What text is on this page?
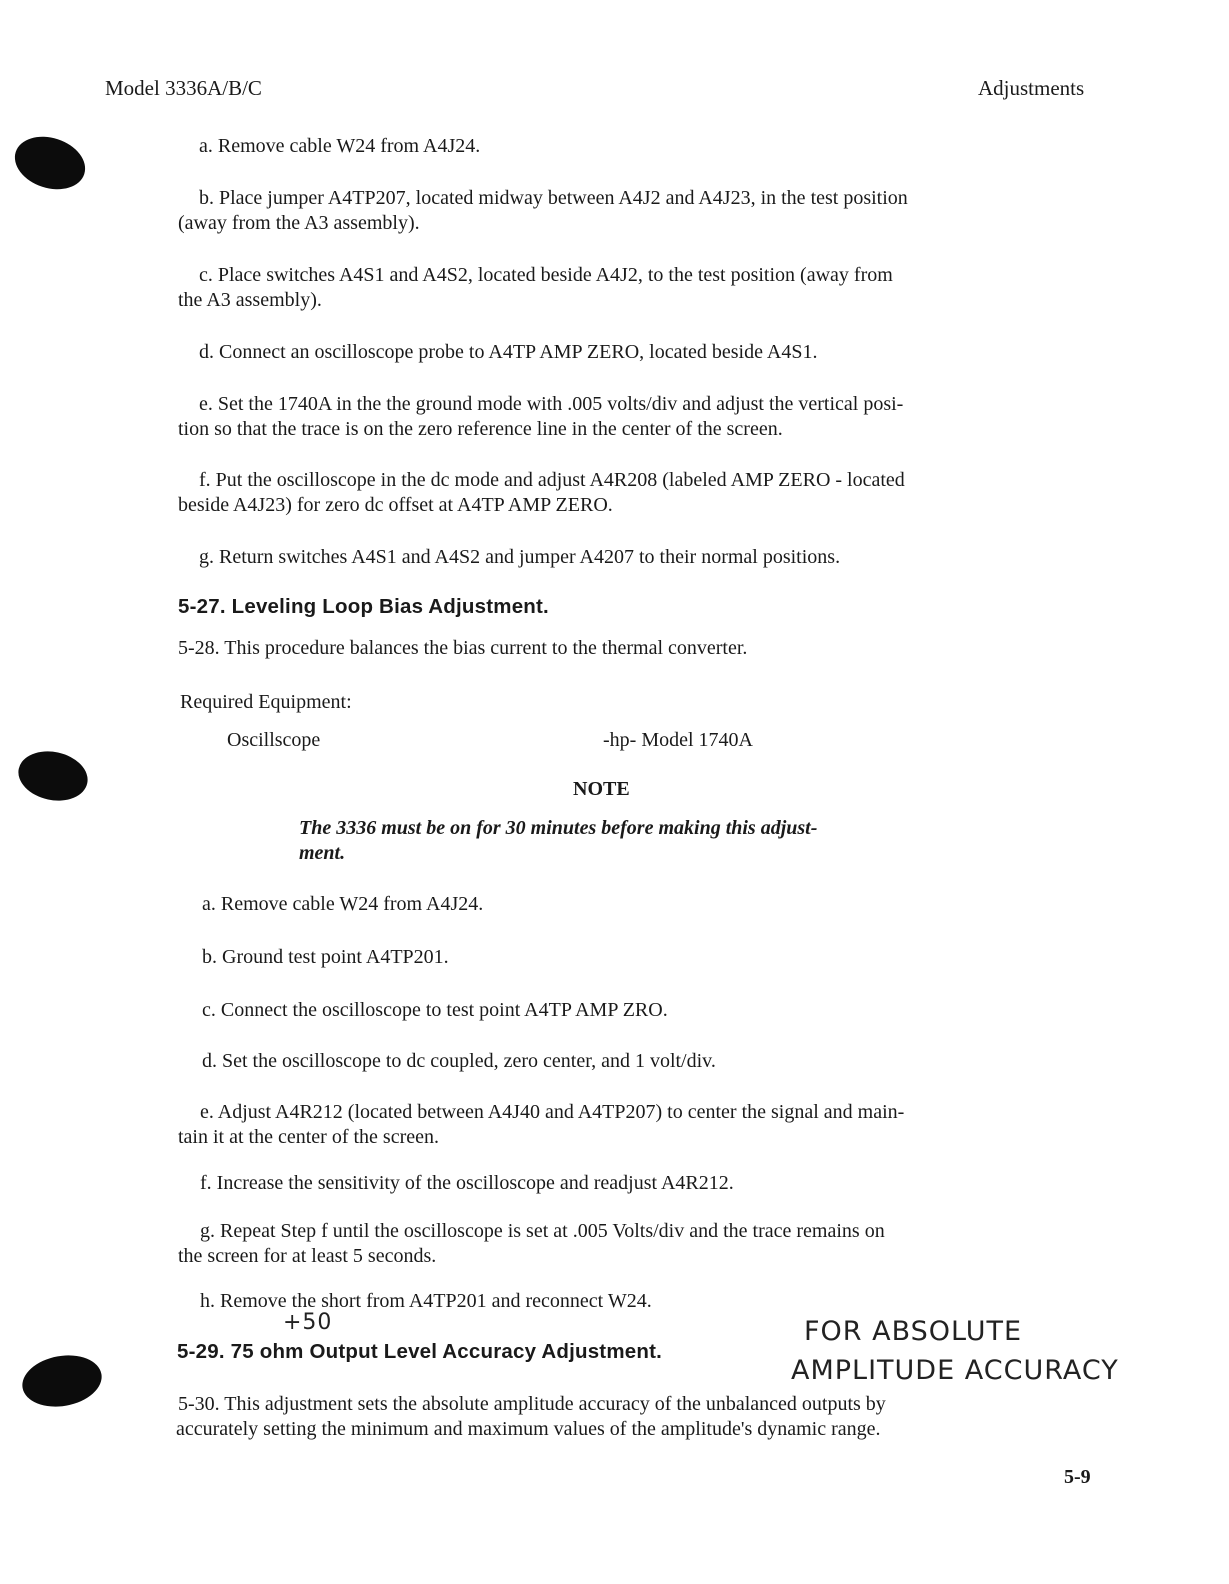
Model 3336A/B/C	Adjustments
a. Remove cable W24 from A4J24.
b. Place jumper A4TP207, located midway between A4J2 and A4J23, in the test position
(away from the A3 assembly).
c. Place switches A4S1 and A4S2, located beside A4J2, to the test position (away from
the A3 assembly).
d. Connect an oscilloscope probe to A4TP AMP ZERO, located beside A4S1.
e. Set the 1740A in the the ground mode with .005 volts/div and adjust the vertical posi-
tion so that the trace is on the zero reference line in the center of the screen.
f. Put the oscilloscope in the dc mode and adjust A4R208 (labeled AMP ZERO - located
beside A4J23) for zero dc offset at A4TP AMP ZERO.
g. Return switches A4S1 and A4S2 and jumper A4207 to their normal positions.
5-27. Leveling Loop Bias Adjustment.
5-28. This procedure balances the bias current to the thermal converter.
Required Equipment:
Oscillscope	-hp- Model 1740A
NOTE
The 3336 must be on for 30 minutes before making this adjust-
ment.
a. Remove cable W24 from A4J24.
b. Ground test point A4TP201.
c. Connect the oscilloscope to test point A4TP AMP ZRO.
d. Set the oscilloscope to dc coupled, zero center, and 1 volt/div.
e. Adjust A4R212 (located between A4J40 and A4TP207) to center the signal and main-
tain it at the center of the screen.
f. Increase the sensitivity of the oscilloscope and readjust A4R212.
g. Repeat Step f until the oscilloscope is set at .005 Volts/div and the trace remains on
the screen for at least 5 seconds.
h. Remove the short from A4TP201 and reconnect W24.
+50
5-29. 75 ohm Output Level Accuracy Adjustment.
FOR ABSOLUTE
AMPLITUDE ACCURACY
5-30. This adjustment sets the absolute amplitude accuracy of the unbalanced outputs by
accurately setting the minimum and maximum values of the amplitude's dynamic range.
5-9
